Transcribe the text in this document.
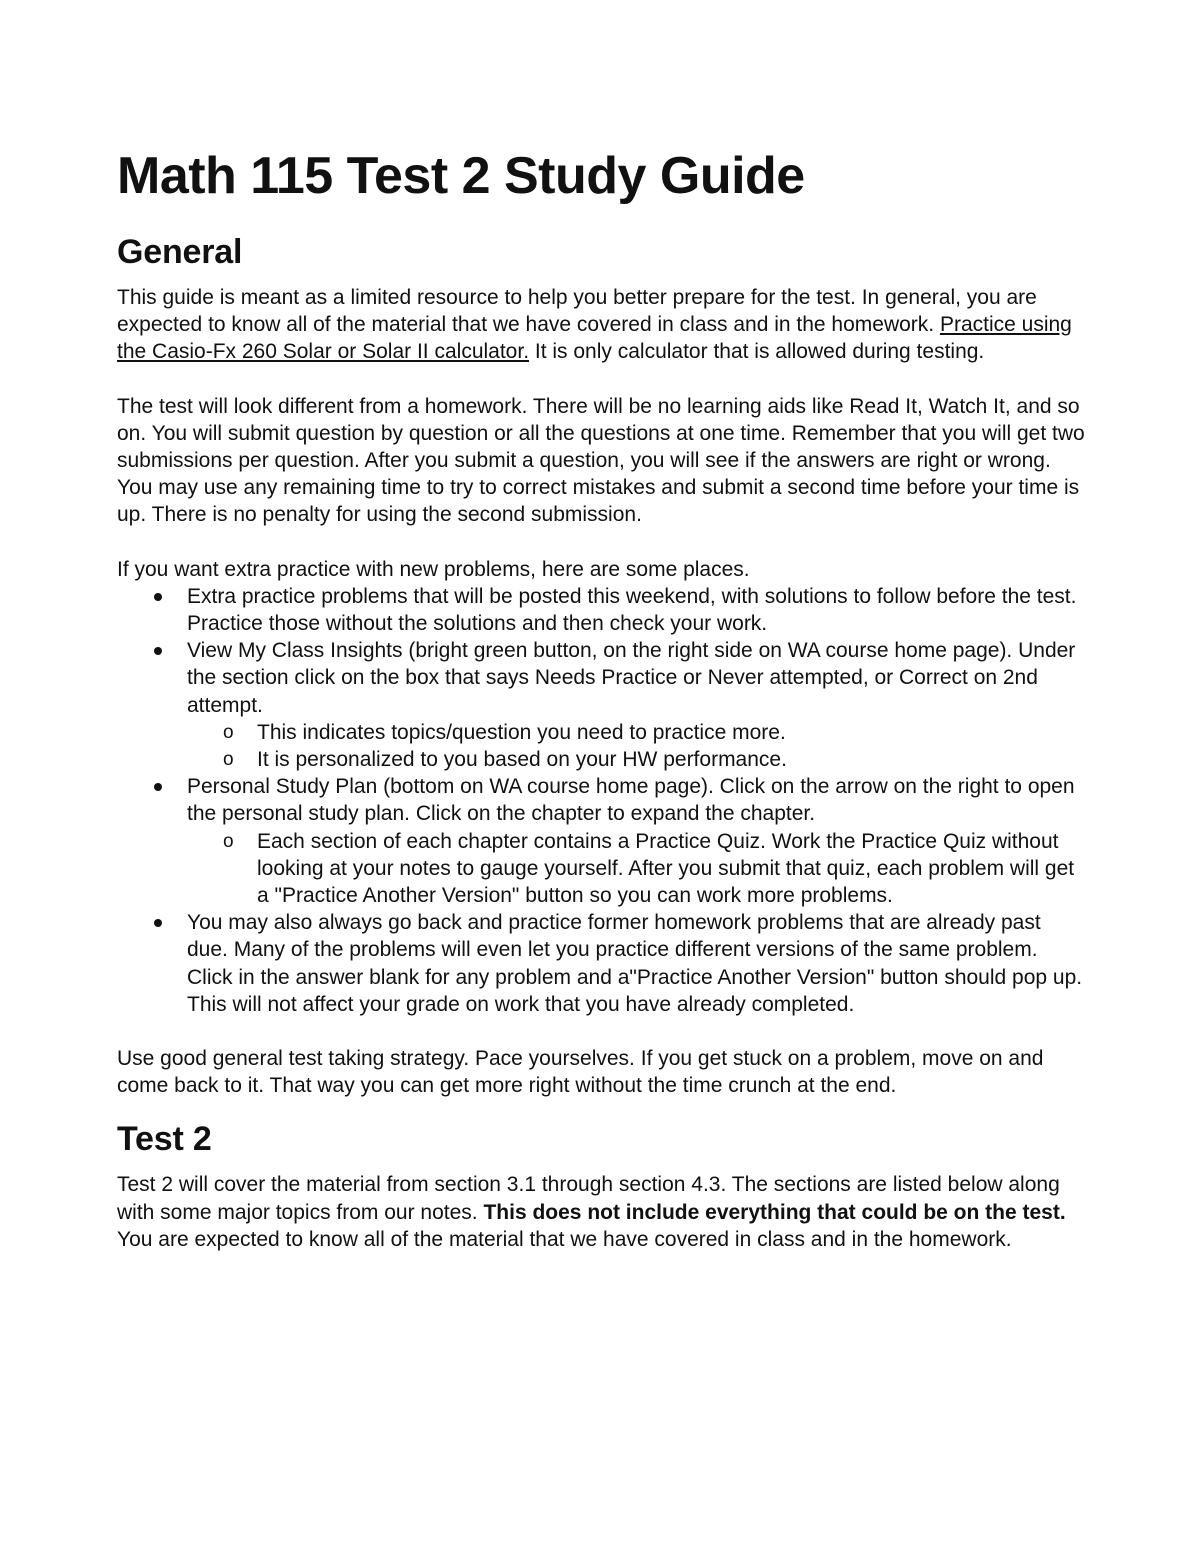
Math 115 Test 2 Study Guide
General

This guide is meant as a limited resource to help you better prepare for the test. In general, you are expected to know all of the material that we have covered in class and in the homework. Practice using the Casio-Fx 260 Solar or Solar II calculator. It is only calculator that is allowed during testing.

The test will look different from a homework. There will be no learning aids like Read It, Watch It, and so on. You will submit question by question or all the questions at one time. Remember that you will get two submissions per question. After you submit a question, you will see if the answers are right or wrong. You may use any remaining time to try to correct mistakes and submit a second time before your time is up. There is no penalty for using the second submission.

If you want extra practice with new problems, here are some places.

Extra practice problems that will be posted this weekend, with solutions to follow before the test. Practice those without the solutions and then check your work.
View My Class Insights (bright green button, on the right side on WA course home page). Under the section click on the box that says Needs Practice or Never attempted, or Correct on 2nd attempt.
o This indicates topics/question you need to practice more.
o It is personalized to you based on your HW performance.
Personal Study Plan (bottom on WA course home page). Click on the arrow on the right to open the personal study plan. Click on the chapter to expand the chapter.
o Each section of each chapter contains a Practice Quiz. Work the Practice Quiz without looking at your notes to gauge yourself. After you submit that quiz, each problem will get a "Practice Another Version" button so you can work more problems.
You may also always go back and practice former homework problems that are already past due. Many of the problems will even let you practice different versions of the same problem. Click in the answer blank for any problem and a"Practice Another Version" button should pop up. This will not affect your grade on work that you have already completed.

Use good general test taking strategy. Pace yourselves. If you get stuck on a problem, move on and come back to it. That way you can get more right without the time crunch at the end.

Test 2

Test 2 will cover the material from section 3.1 through section 4.3. The sections are listed below along with some major topics from our notes. This does not include everything that could be on the test. You are expected to know all of the material that we have covered in class and in the homework.
